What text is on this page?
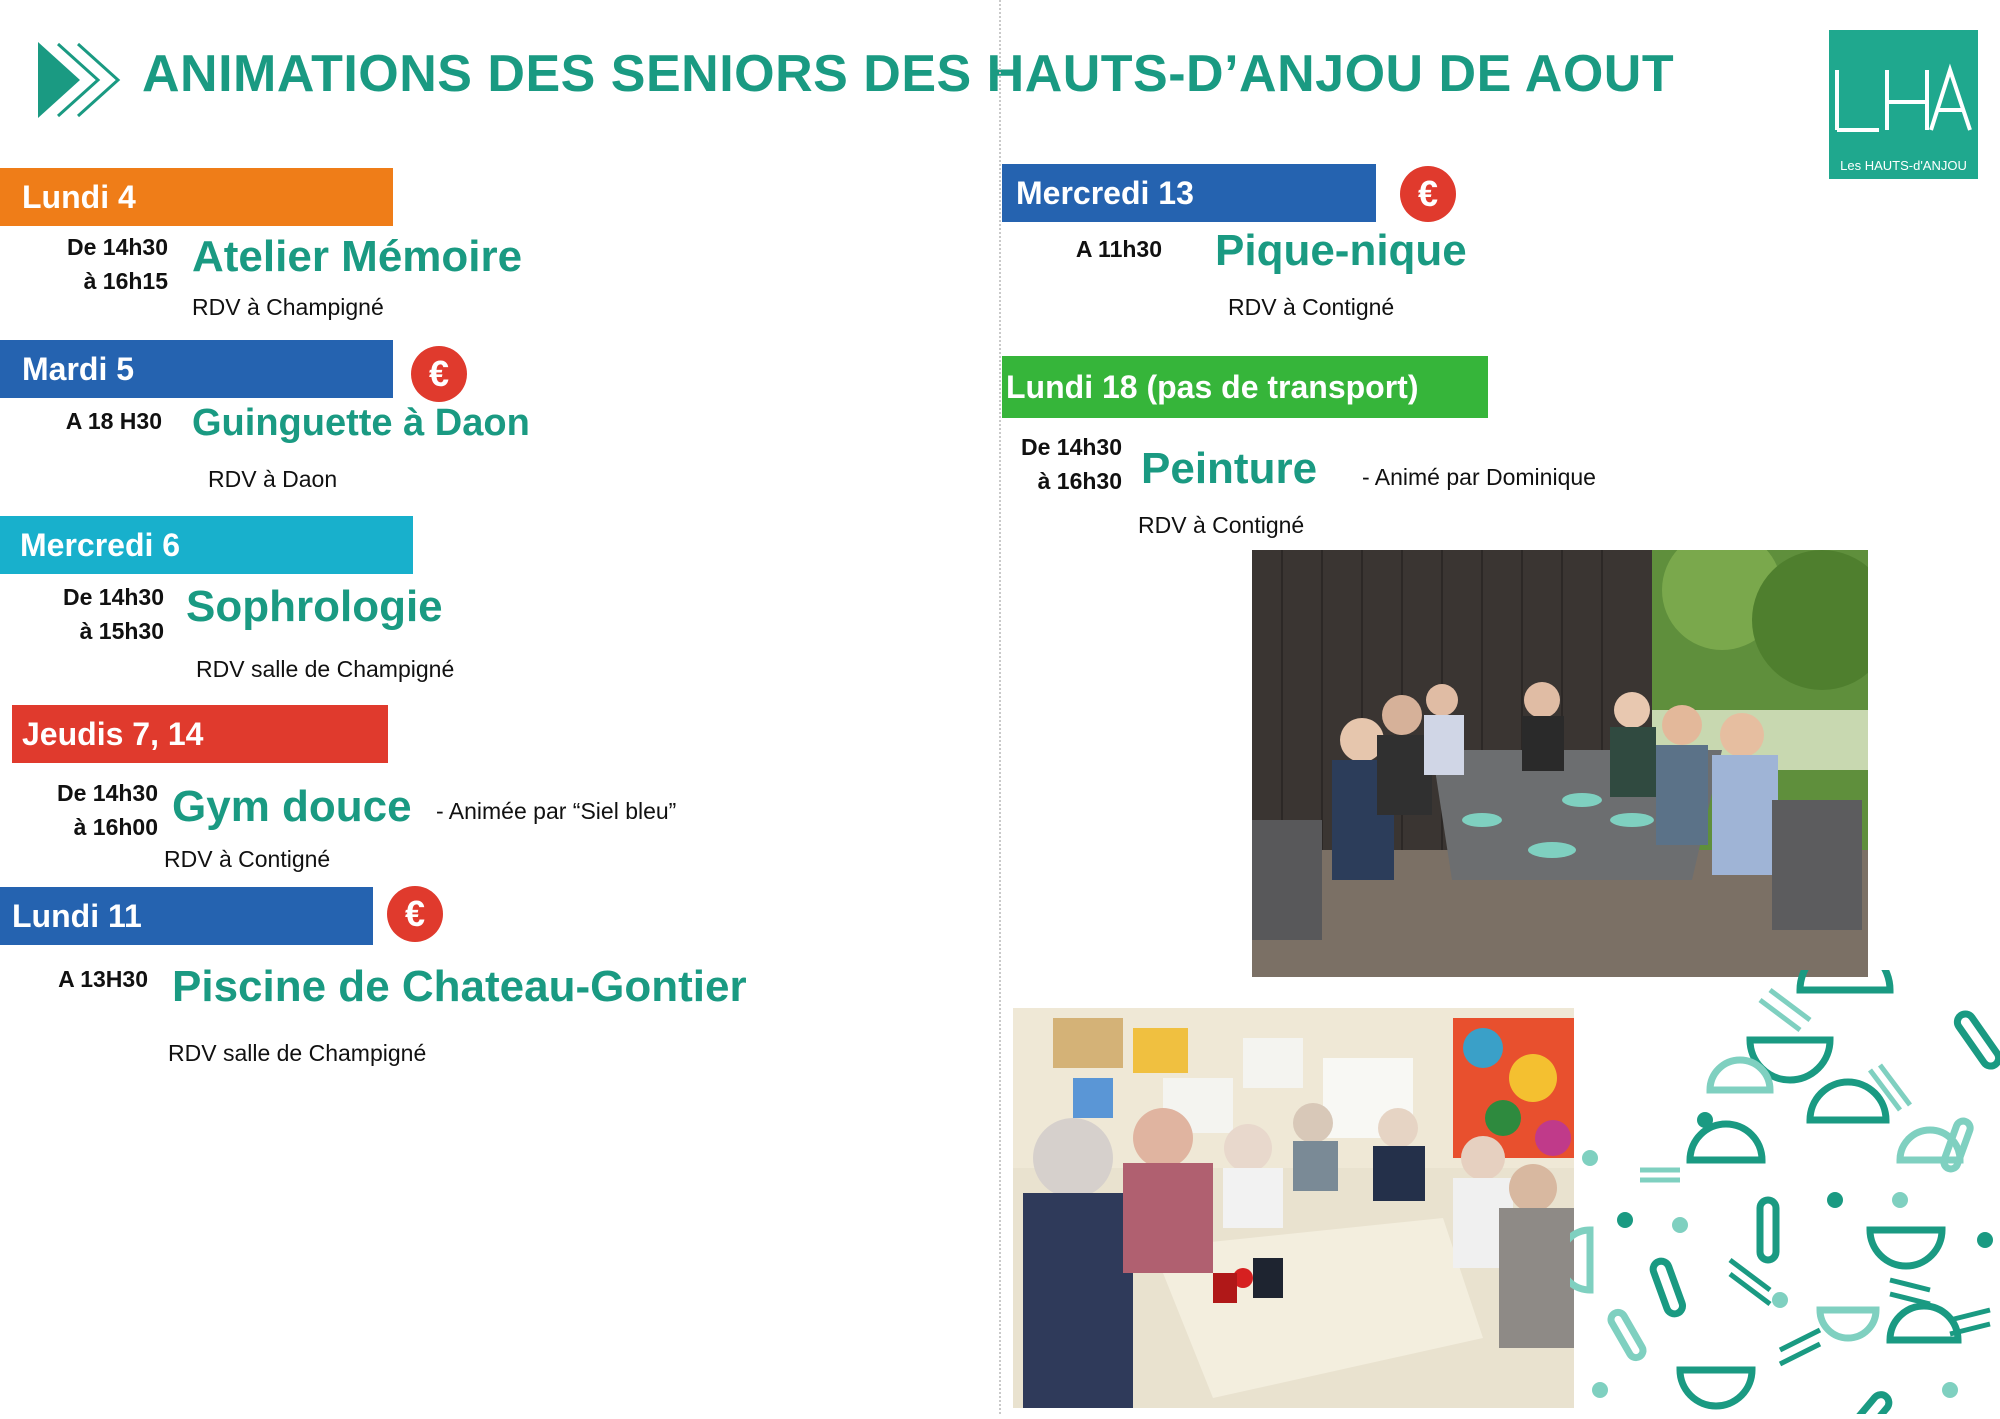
ANIMATIONS DES SENIORS DES HAUTS-D’ANJOU DE AOUT
Les HAUTS-d'ANJOU
Lundi 4
De 14h30
à 16h15 Atelier Mémoire
RDV à Champigné
Mardi 5	€
A 18 H30 Guinguette à Daon
RDV à Daon
Mercredi 6
De 14h30
à 15h30 Sophrologie
RDV salle de Champigné
Jeudis 7, 14
De 14h30
à 16h00 Gym douce - Animée par “Siel bleu”
RDV à Contigné
Lundi 11	€
A 13H30 Piscine de Chateau-Gontier
RDV salle de Champigné
Mercredi 13	€
A 11h30 Pique-nique
RDV à Contigné
Lundi 18 (pas de transport)
De 14h30
à 16h30 Peinture - Animé par Dominique
RDV à Contigné
